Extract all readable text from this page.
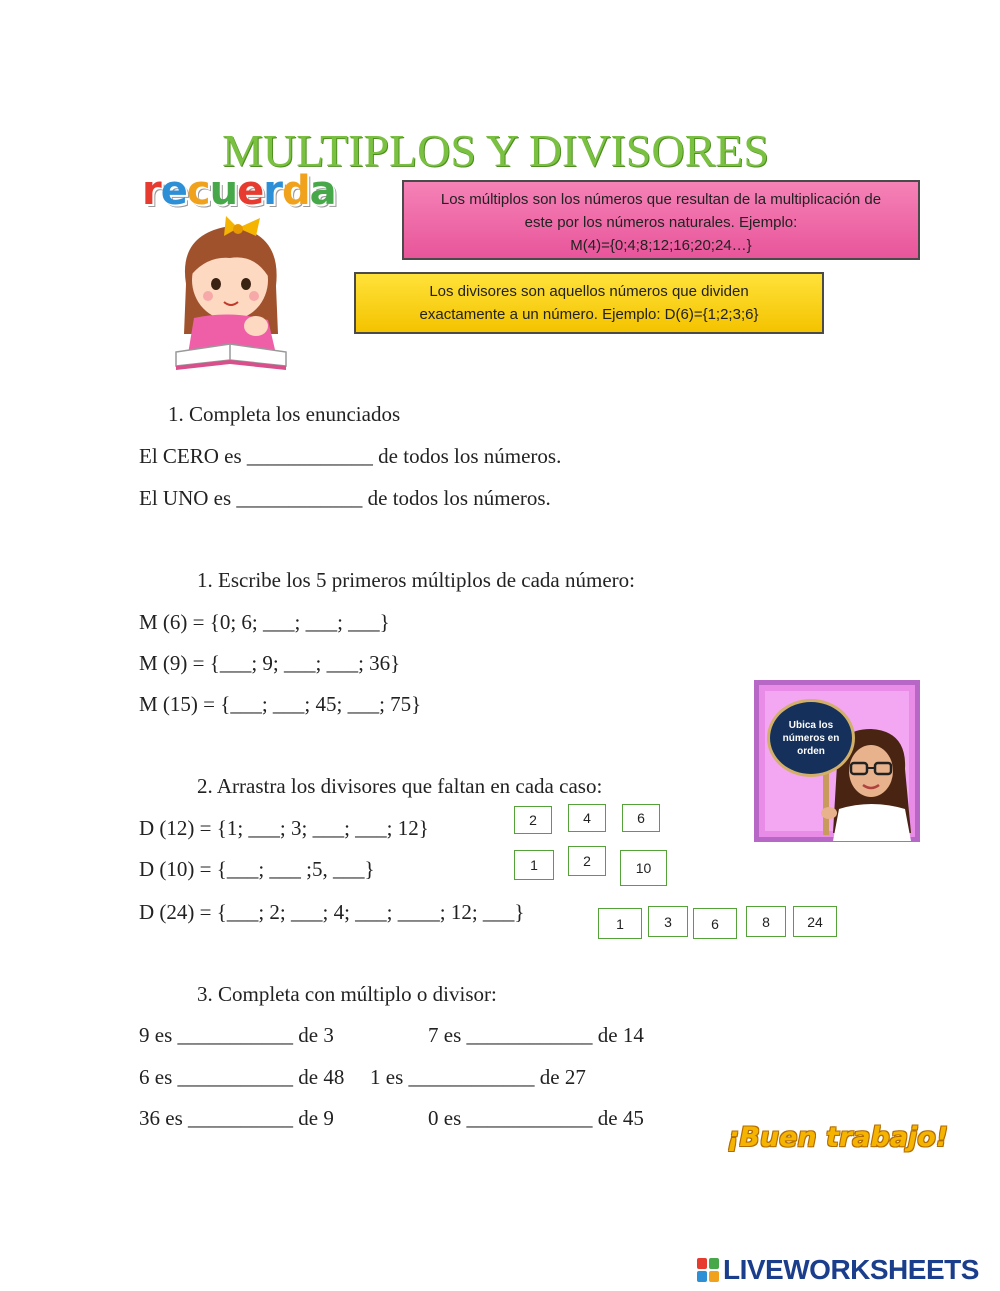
MULTIPLOS Y DIVISORES
recuerda	Los múltiplos son los números que resultan de la multiplicación de
este por los números naturales. Ejemplo:
M(4)={0;4;8;12;16;20;24…}
Los divisores son aquellos números que dividen
exactamente a un número. Ejemplo: D(6)={1;2;3;6}
1. Completa los enunciados
El CERO es ____________ de todos los números.
El UNO es ____________ de todos los números.
1. Escribe los 5 primeros múltiplos de cada número:
M (6) = {0; 6; ___; ___; ___}
M (9) = {___; 9; ___; ___; 36}
M (15) = {___; ___; 45; ___; 75}
Ubica los números en orden
2. Arrastra los divisores que faltan en cada caso:
D (12) = {1; ___; 3; ___; ___; 12}
D (10) = {___; ___ ;5, ___}
D (24) = {___; 2; ___; 4; ___; ____; 12; ___}
2	4	6
1	2	10
1	3	6	8	24
3. Completa con múltiplo o divisor:
9 es ___________ de 3
6 es ___________ de 48
36 es __________ de 9
7 es ____________ de 14
1 es ____________ de 27
0 es ____________ de 45
¡Buen trabajo!
LIVEWORKSHEETS
